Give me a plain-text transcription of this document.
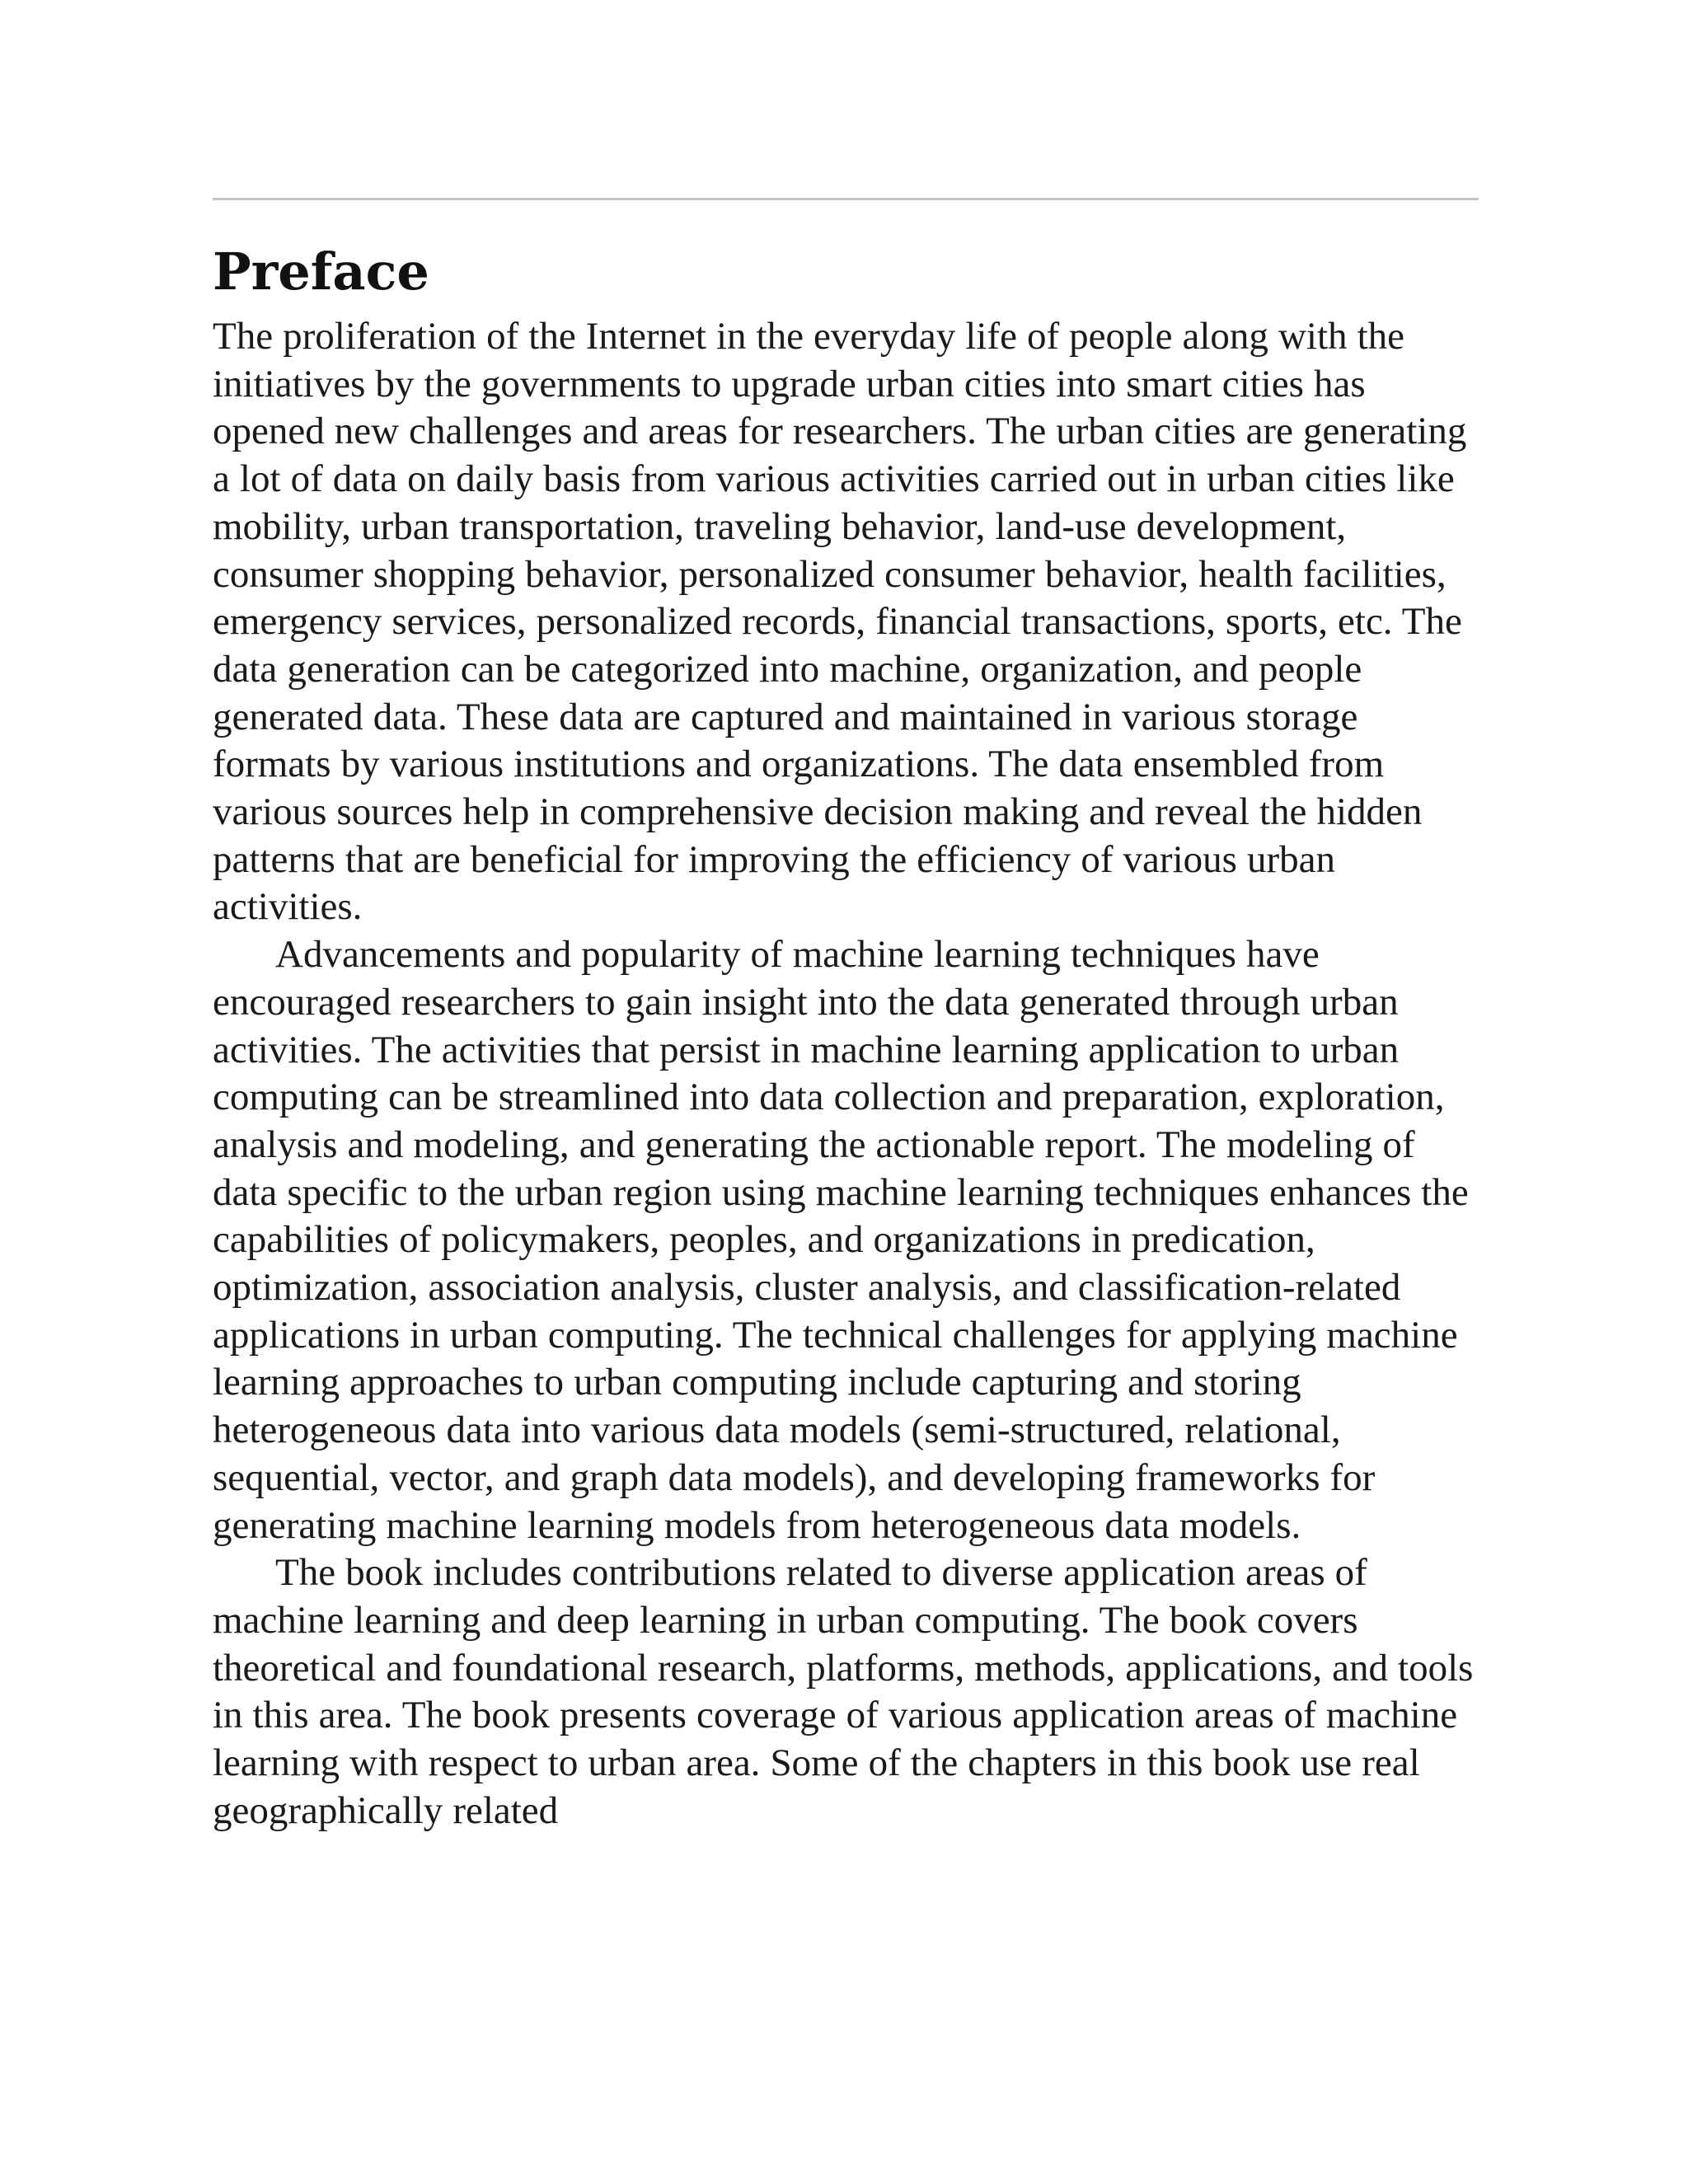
Preface

The proliferation of the Internet in the everyday life of people along with the initiatives by the governments to upgrade urban cities into smart cities has opened new challenges and areas for researchers. The urban cities are generating a lot of data on daily basis from various activities carried out in urban cities like mobility, urban transportation, traveling behavior, land-use development, consumer shopping behavior, personalized consumer behavior, health facilities, emergency services, personalized records, financial transactions, sports, etc. The data generation can be categorized into machine, organization, and people generated data. These data are captured and maintained in various storage formats by various institutions and organizations. The data ensembled from various sources help in comprehensive decision making and reveal the hidden patterns that are beneficial for improving the efficiency of various urban activities.

Advancements and popularity of machine learning techniques have encouraged researchers to gain insight into the data generated through urban activities. The activities that persist in machine learning application to urban computing can be streamlined into data collection and preparation, exploration, analysis and modeling, and generating the actionable report. The modeling of data specific to the urban region using machine learning techniques enhances the capabilities of policymakers, peoples, and organizations in predication, optimization, association analysis, cluster analysis, and classification-related applications in urban computing. The technical challenges for applying machine learning approaches to urban computing include capturing and storing heterogeneous data into various data models (semi-structured, relational, sequential, vector, and graph data models), and developing frameworks for generating machine learning models from heterogeneous data models.

The book includes contributions related to diverse application areas of machine learning and deep learning in urban computing. The book covers theoretical and foundational research, platforms, methods, applications, and tools in this area. The book presents coverage of various application areas of machine learning with respect to urban area. Some of the chapters in this book use real geographically related
